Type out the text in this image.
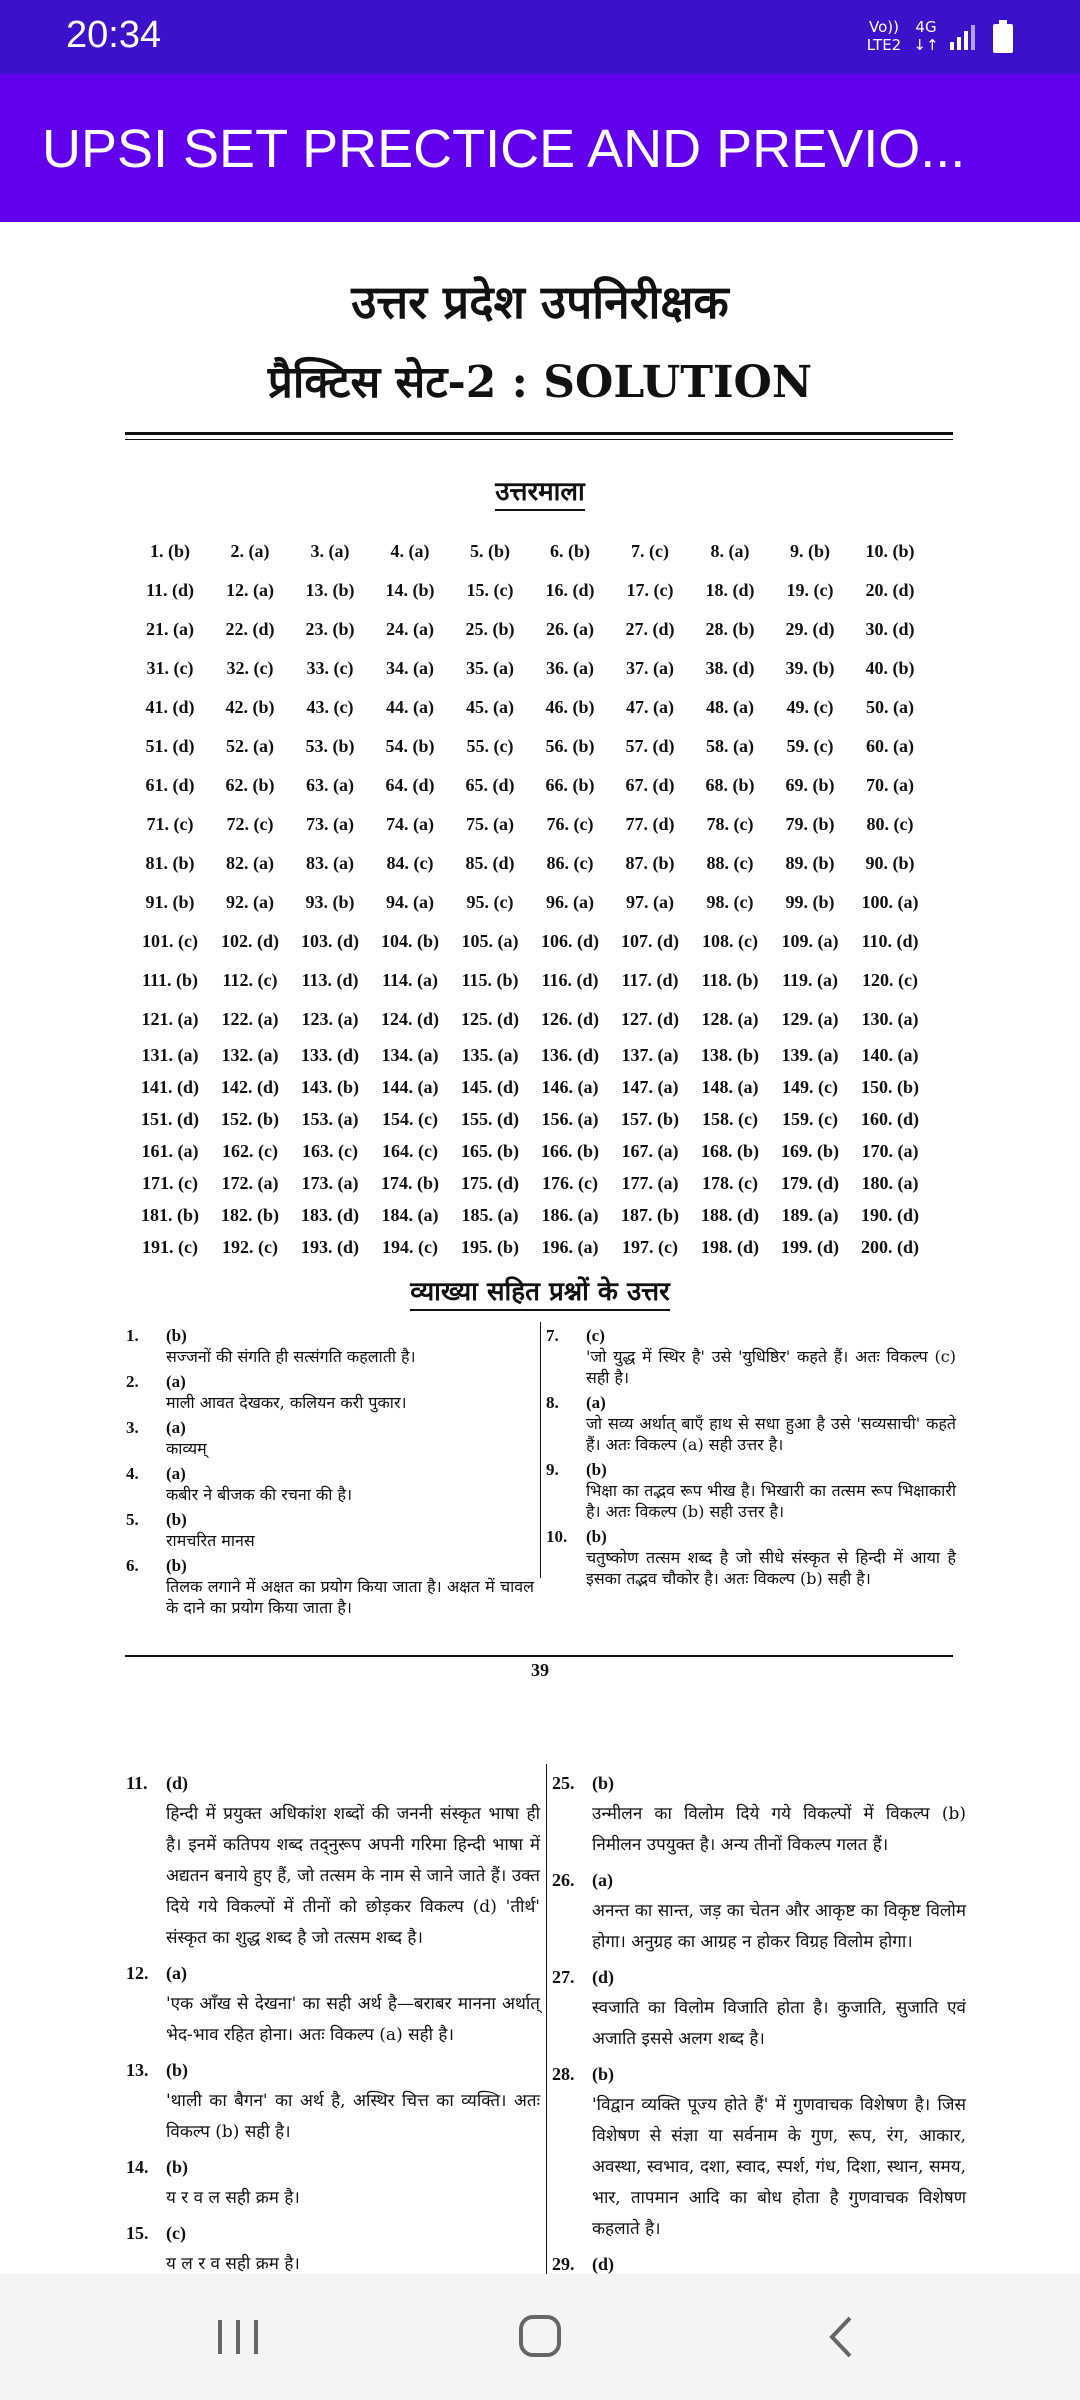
20:34	Vo))
LTE2
4G
↓↑
UPSI SET PRECTICE AND PREVIO...
उत्तर प्रदेश उपनिरीक्षक
प्रैक्टिस सेट-2 : SOLUTION
उत्तरमाला
1. (b)	2. (a)	3. (a)	4. (a)	5. (b)	6. (b)	7. (c)	8. (a)	9. (b)	10. (b)
11. (d)	12. (a)	13. (b)	14. (b)	15. (c)	16. (d)	17. (c)	18. (d)	19. (c)	20. (d)
21. (a)	22. (d)	23. (b)	24. (a)	25. (b)	26. (a)	27. (d)	28. (b)	29. (d)	30. (d)
31. (c)	32. (c)	33. (c)	34. (a)	35. (a)	36. (a)	37. (a)	38. (d)	39. (b)	40. (b)
41. (d)	42. (b)	43. (c)	44. (a)	45. (a)	46. (b)	47. (a)	48. (a)	49. (c)	50. (a)
51. (d)	52. (a)	53. (b)	54. (b)	55. (c)	56. (b)	57. (d)	58. (a)	59. (c)	60. (a)
61. (d)	62. (b)	63. (a)	64. (d)	65. (d)	66. (b)	67. (d)	68. (b)	69. (b)	70. (a)
71. (c)	72. (c)	73. (a)	74. (a)	75. (a)	76. (c)	77. (d)	78. (c)	79. (b)	80. (c)
81. (b)	82. (a)	83. (a)	84. (c)	85. (d)	86. (c)	87. (b)	88. (c)	89. (b)	90. (b)
91. (b)	92. (a)	93. (b)	94. (a)	95. (c)	96. (a)	97. (a)	98. (c)	99. (b)	100. (a)
101. (c)	102. (d)	103. (d)	104. (b)	105. (a)	106. (d)	107. (d)	108. (c)	109. (a)	110. (d)
111. (b)	112. (c)	113. (d)	114. (a)	115. (b)	116. (d)	117. (d)	118. (b)	119. (a)	120. (c)
121. (a)	122. (a)	123. (a)	124. (d)	125. (d)	126. (d)	127. (d)	128. (a)	129. (a)	130. (a)
131. (a)	132. (a)	133. (d)	134. (a)	135. (a)	136. (d)	137. (a)	138. (b)	139. (a)	140. (a)
141. (d)	142. (d)	143. (b)	144. (a)	145. (d)	146. (a)	147. (a)	148. (a)	149. (c)	150. (b)
151. (d)	152. (b)	153. (a)	154. (c)	155. (d)	156. (a)	157. (b)	158. (c)	159. (c)	160. (d)
161. (a)	162. (c)	163. (c)	164. (c)	165. (b)	166. (b)	167. (a)	168. (b)	169. (b)	170. (a)
171. (c)	172. (a)	173. (a)	174. (b)	175. (d)	176. (c)	177. (a)	178. (c)	179. (d)	180. (a)
181. (b)	182. (b)	183. (d)	184. (a)	185. (a)	186. (a)	187. (b)	188. (d)	189. (a)	190. (d)
191. (c)	192. (c)	193. (d)	194. (c)	195. (b)	196. (a)	197. (c)	198. (d)	199. (d)	200. (d)
व्याख्या सहित प्रश्नों के उत्तर
1. (b)
सज्जनों की संगति ही सत्संगति कहलाती है।
2. (a)
माली आवत देखकर, कलियन करी पुकार।
3. (a)
काव्यम्
4. (a)
कबीर ने बीजक की रचना की है।
5. (b)
रामचरित मानस
6. (b)
तिलक लगाने में अक्षत का प्रयोग किया जाता है। अक्षत में चावल के दाने का प्रयोग किया जाता है।
7. (c)
'जो युद्ध में स्थिर है' उसे 'युधिष्ठिर' कहते हैं। अतः विकल्प (c) सही है।
8. (a)
जो सव्य अर्थात् बाएँ हाथ से सधा हुआ है उसे 'सव्यसाची' कहते हैं। अतः विकल्प (a) सही उत्तर है।
9. (b)
भिक्षा का तद्भव रूप भीख है। भिखारी का तत्सम रूप भिक्षाकारी है। अतः विकल्प (b) सही उत्तर है।
10. (b)
चतुष्कोण तत्सम शब्द है जो सीधे संस्कृत से हिन्दी में आया है इसका तद्भव चौकोर है। अतः विकल्प (b) सही है।
39
11. (d)
हिन्दी में प्रयुक्त अधिकांश शब्दों की जननी संस्कृत भाषा ही है। इनमें कतिपय शब्द तद्नुरूप अपनी गरिमा हिन्दी भाषा में अद्यतन बनाये हुए हैं, जो तत्सम के नाम से जाने जाते हैं। उक्त दिये गये विकल्पों में तीनों को छोड़कर विकल्प (d) 'तीर्थ' संस्कृत का शुद्ध शब्द है जो तत्सम शब्द है।
12. (a)
'एक आँख से देखना' का सही अर्थ है—बराबर मानना अर्थात् भेद-भाव रहित होना। अतः विकल्प (a) सही है।
13. (b)
'थाली का बैगन' का अर्थ है, अस्थिर चित्त का व्यक्ति। अतः विकल्प (b) सही है।
14. (b)
य र व ल सही क्रम है।
15. (c)
य ल र व सही क्रम है।
25. (b)
उन्मीलन का विलोम दिये गये विकल्पों में विकल्प (b) निमीलन उपयुक्त है। अन्य तीनों विकल्प गलत हैं।
26. (a)
अनन्त का सान्त, जड़ का चेतन और आकृष्ट का विकृष्ट विलोम होगा। अनुग्रह का आग्रह न होकर विग्रह विलोम होगा।
27. (d)
स्वजाति का विलोम विजाति होता है। कुजाति, सुजाति एवं अजाति इससे अलग शब्द है।
28. (b)
'विद्वान व्यक्ति पूज्य होते हैं' में गुणवाचक विशेषण है। जिस विशेषण से संज्ञा या सर्वनाम के गुण, रूप, रंग, आकार, अवस्था, स्वभाव, दशा, स्वाद, स्पर्श, गंध, दिशा, स्थान, समय, भार, तापमान आदि का बोध होता है गुणवाचक विशेषण कहलाते है।
29. (d)
